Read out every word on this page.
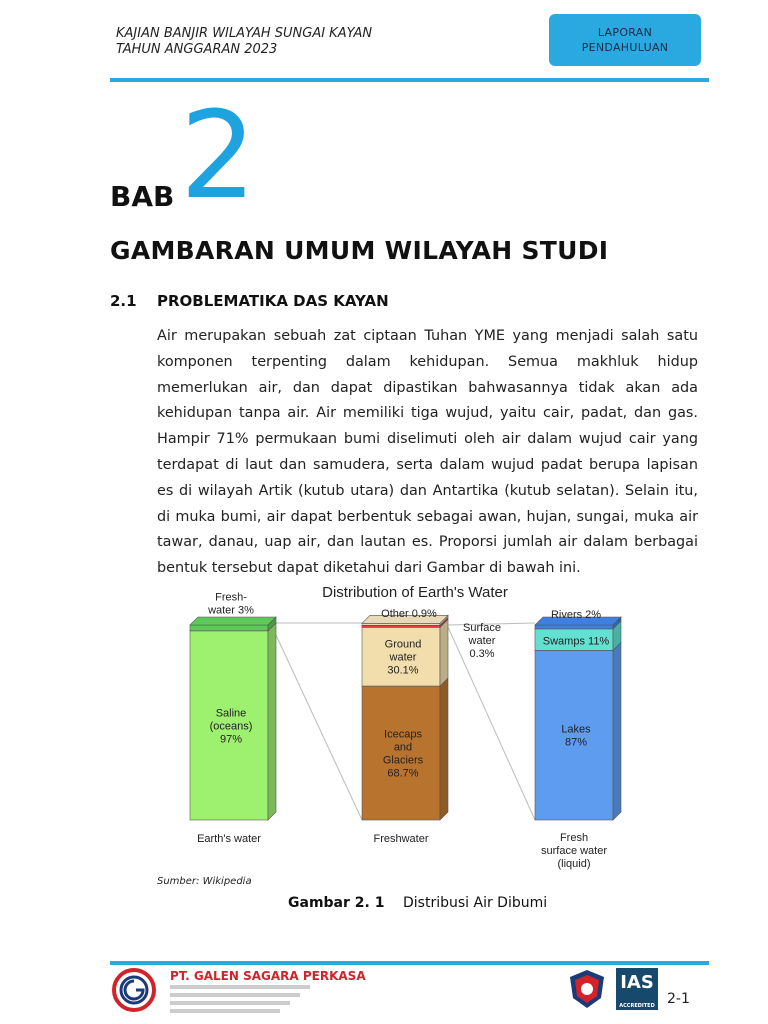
KAJIAN BANJIR WILAYAH SUNGAI KAYAN
TAHUN ANGGARAN 2023
LAPORAN
PENDAHULUAN
BAB 2
GAMBARAN UMUM WILAYAH STUDI
2.1 PROBLEMATIKA DAS KAYAN
Air merupakan sebuah zat ciptaan Tuhan YME yang menjadi salah satu komponen terpenting dalam kehidupan. Semua makhluk hidup memerlukan air, dan dapat dipastikan bahwasannya tidak akan ada kehidupan tanpa air. Air memiliki tiga wujud, yaitu cair, padat, dan gas. Hampir 71% permukaan bumi diselimuti oleh air dalam wujud cair yang terdapat di laut dan samudera, serta dalam wujud padat berupa lapisan es di wilayah Artik (kutub utara) dan Antartika (kutub selatan). Selain itu, di muka bumi, air dapat berbentuk sebagai awan, hujan, sungai, muka air tawar, danau, uap air, dan lautan es. Proporsi jumlah air dalam berbagai bentuk tersebut dapat diketahui dari Gambar di bawah ini.
Distribution of Earth's Water
Saline (oceans) 97%
Fresh-water 3%
Earth's water
Icecaps and Glaciers 68.7%
Ground water 30.1%
Surface water 0.3%
Other 0.9%
Freshwater
Lakes 87%
Swamps 11%
Rivers 2%
Fresh surface water (liquid)
Sumber: Wikipedia
Gambar 2. 1 Distribusi Air Dibumi
PT. GALEN SAGARA PERKASA	IAS
ACCREDITED 2-1
